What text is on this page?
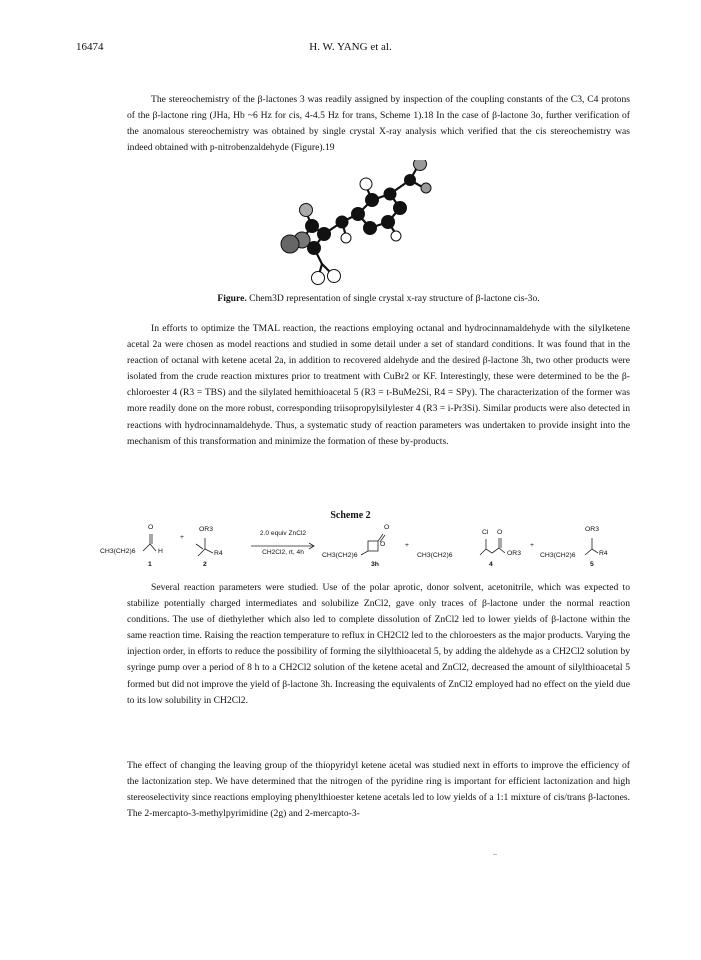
16474	H. W. YANG et al.
The stereochemistry of the β-lactones 3 was readily assigned by inspection of the coupling constants of the C3, C4 protons of the β-lactone ring (JHa, Hb ~6 Hz for cis, 4-4.5 Hz for trans, Scheme 1).18 In the case of β-lactone 3o, further verification of the anomalous stereochemistry was obtained by single crystal X-ray analysis which verified that the cis stereochemistry was indeed obtained with p-nitrobenzaldehyde (Figure).19
Figure. Chem3D representation of single crystal x-ray structure of β-lactone cis-3o.
In efforts to optimize the TMAL reaction, the reactions employing octanal and hydrocinnamaldehyde with the silylketene acetal 2a were chosen as model reactions and studied in some detail under a set of standard conditions. It was found that in the reaction of octanal with ketene acetal 2a, in addition to recovered aldehyde and the desired β-lactone 3h, two other products were isolated from the crude reaction mixtures prior to treatment with CuBr2 or KF. Interestingly, these were determined to be the β-chloroester 4 (R3 = TBS) and the silylated hemithioacetal 5 (R3 = t-BuMe2Si, R4 = SPy). The characterization of the former was more readily done on the more robust, corresponding triisopropylsilylester 4 (R3 = i-Pr3Si). Similar products were also detected in reactions with hydrocinnamaldehyde. Thus, a systematic study of reaction parameters was undertaken to provide insight into the mechanism of this transformation and minimize the formation of these by-products.
Scheme 2
CH3(CH2)6	H
O
1
+
OR3
R4
2
2.0 equiv ZnCl2
CH2Cl2, rt, 4h	CH3(CH2)6
O
O
3h
+
CH3(CH2)6
Cl O
OR3
4
+
CH3(CH2)6
OR3
R4
5
Several reaction parameters were studied. Use of the polar aprotic, donor solvent, acetonitrile, which was expected to stabilize potentially charged intermediates and solubilize ZnCl2, gave only traces of β-lactone under the normal reaction conditions. The use of diethylether which also led to complete dissolution of ZnCl2 led to lower yields of β-lactone within the same reaction time. Raising the reaction temperature to reflux in CH2Cl2 led to the chloroesters as the major products. Varying the injection order, in efforts to reduce the possibility of forming the silylthioacetal 5, by adding the aldehyde as a CH2Cl2 solution by syringe pump over a period of 8 h to a CH2Cl2 solution of the ketene acetal and ZnCl2, decreased the amount of silylthioacetal 5 formed but did not improve the yield of β-lactone 3h. Increasing the equivalents of ZnCl2 employed had no effect on the yield due to its low solubility in CH2Cl2.
The effect of changing the leaving group of the thiopyridyl ketene acetal was studied next in efforts to improve the efficiency of the lactonization step. We have determined that the nitrogen of the pyridine ring is important for efficient lactonization and high stereoselectivity since reactions employing phenylthioester ketene acetals led to low yields of a 1:1 mixture of cis/trans β-lactones. The 2-mercapto-3-methylpyrimidine (2g) and 2-mercapto-3-
